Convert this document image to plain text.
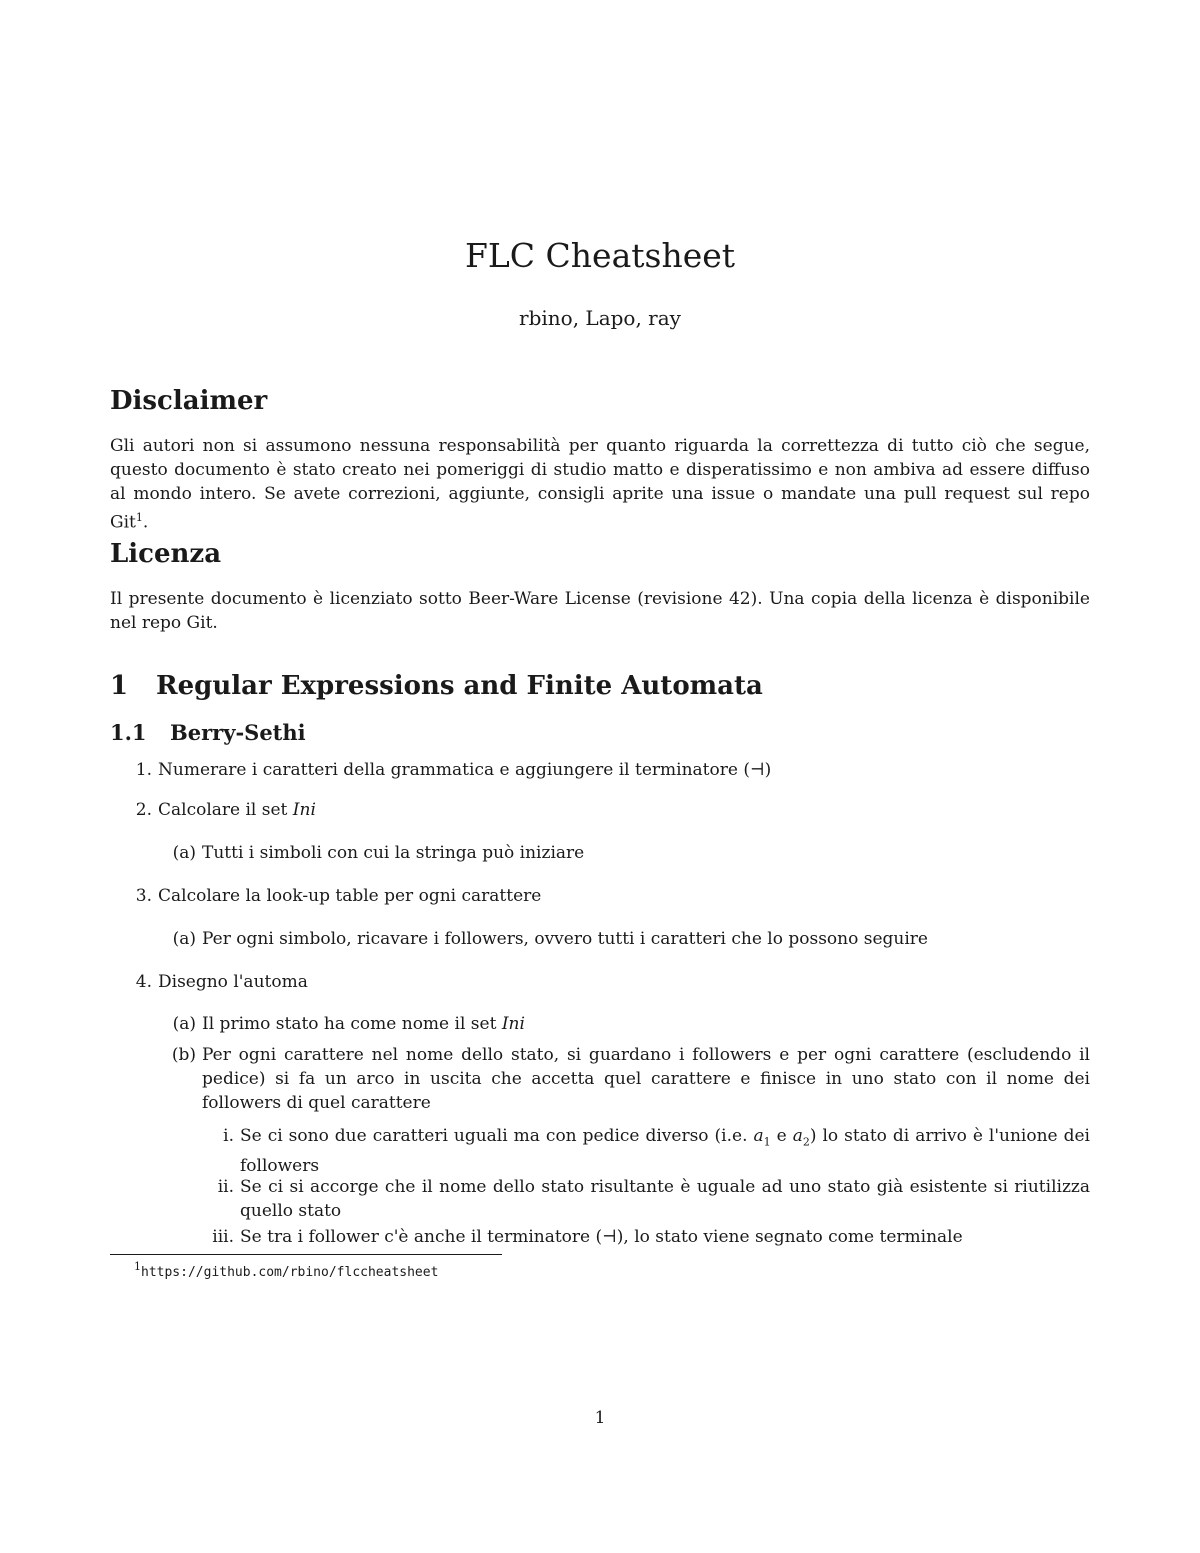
FLC Cheatsheet
rbino, Lapo, ray
Disclaimer

Gli autori non si assumono nessuna responsabilità per quanto riguarda la correttezza di tutto ciò che segue, questo documento è stato creato nei pomeriggi di studio matto e disperatissimo e non ambiva ad essere diffuso al mondo intero. Se avete correzioni, aggiunte, consigli aprite una issue o mandate una pull request sul repo Git$^1$.

Licenza

Il presente documento è licenziato sotto Beer-Ware License (revisione 42). Una copia della licenza è disponibile nel repo Git.

1 Regular Expressions and Finite Automata
1.1 Berry-Sethi
1. Numerare i caratteri della grammatica e aggiungere il terminatore (⊣)
2. Calcolare il set Ini
(a) Tutti i simboli con cui la stringa può iniziare
3. Calcolare la look-up table per ogni carattere
(a) Per ogni simbolo, ricavare i followers, ovvero tutti i caratteri che lo possono seguire
4. Disegno l'automa
(a) Il primo stato ha come nome il set Ini
(b) Per ogni carattere nel nome dello stato, si guardano i followers e per ogni carattere (escludendo il pedice) si fa un arco in uscita che accetta quel carattere e finisce in uno stato con il nome dei followers di quel carattere
i. Se ci sono due caratteri uguali ma con pedice diverso (i.e. $a_1$ e $a_2$) lo stato di arrivo è l'unione dei followers
ii. Se ci si accorge che il nome dello stato risultante è uguale ad uno stato già esistente si riutilizza quello stato
iii. Se tra i follower c'è anche il terminatore (⊣), lo stato viene segnato come terminale
$^1$https://github.com/rbino/flccheatsheet
1
